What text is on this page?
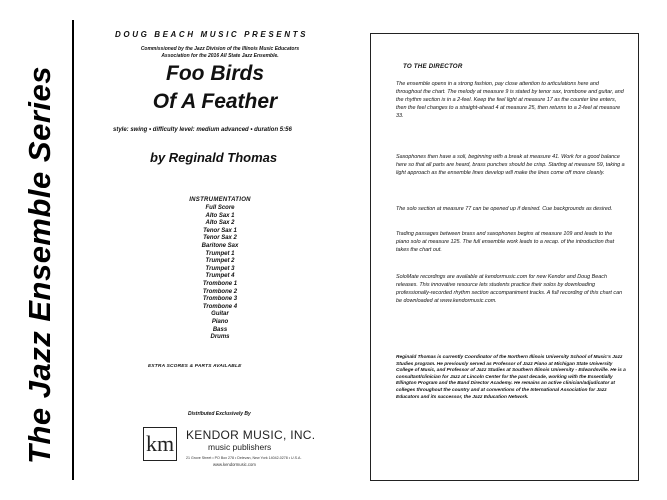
The Jazz Ensemble Series
DOUG BEACH MUSIC PRESENTS
Commissioned by the Jazz Division of the Illinois Music Educators
Association for the 2016 All State Jazz Ensemble.
Foo Birds
Of A Feather
style: swing • difficulty level: medium advanced • duration 5:56
by Reginald Thomas
INSTRUMENTATION
Full Score
Alto Sax 1
Alto Sax 2
Tenor Sax 1
Tenor Sax 2
Baritone Sax
Trumpet 1
Trumpet 2
Trumpet 3
Trumpet 4
Trombone 1
Trombone 2
Trombone 3
Trombone 4
Guitar
Piano
Bass
Drums
EXTRA SCORES & PARTS AVAILABLE
Distributed Exclusively By
km KENDOR MUSIC, INC.
music publishers
21 Grove Street • PO Box 278 • Delevan, New York 14042-0278 • U.S.A.
www.kendormusic.com
TO THE DIRECTOR

The ensemble opens in a strong fashion, pay close attention to articulations here and throughout the chart. The melody at measure 9 is stated by tenor sax, trombone and guitar, and the rhythm section is in a 2-feel. Keep the feel light at measure 17 as the counter line enters, then the feel changes to a straight-ahead 4 at measure 25, then returns to a 2-feel at measure 33.

Saxophones then have a soli, beginning with a break at measure 41. Work for a good balance here so that all parts are heard, brass punches should be crisp. Starting at measure 59, taking a light approach as the ensemble lines develop will make the lines come off more cleanly.

The solo section at measure 77 can be opened up if desired. Cue backgrounds as desired.

Trading passages between brass and saxophones begins at measure 109 and leads to the piano solo at measure 125. The full ensemble work leads to a recap. of the introduction that takes the chart out.

SoloMate recordings are available at kendormusic.com for new Kendor and Doug Beach releases. This innovative resource lets students practice their solos by downloading professionally-recorded rhythm section accompaniment tracks. A full recording of this chart can be downloaded at www.kendormusic.com.

Reginald Thomas is currently Coordinator of the Northern Illinois University School of Music's Jazz Studies program. He previously served as Professor of Jazz Piano at Michigan State University College of Music, and Professor of Jazz Studies at Southern Illinois University - Edwardsville. He is a consultant/clinician for Jazz at Lincoln Center for the past decade, working with the Essentially Ellington Program and the Band Director Academy. He remains an active clinician/adjudicator at colleges throughout the country and at conventions of the International Association for Jazz Educators and its successor, the Jazz Education Network.
